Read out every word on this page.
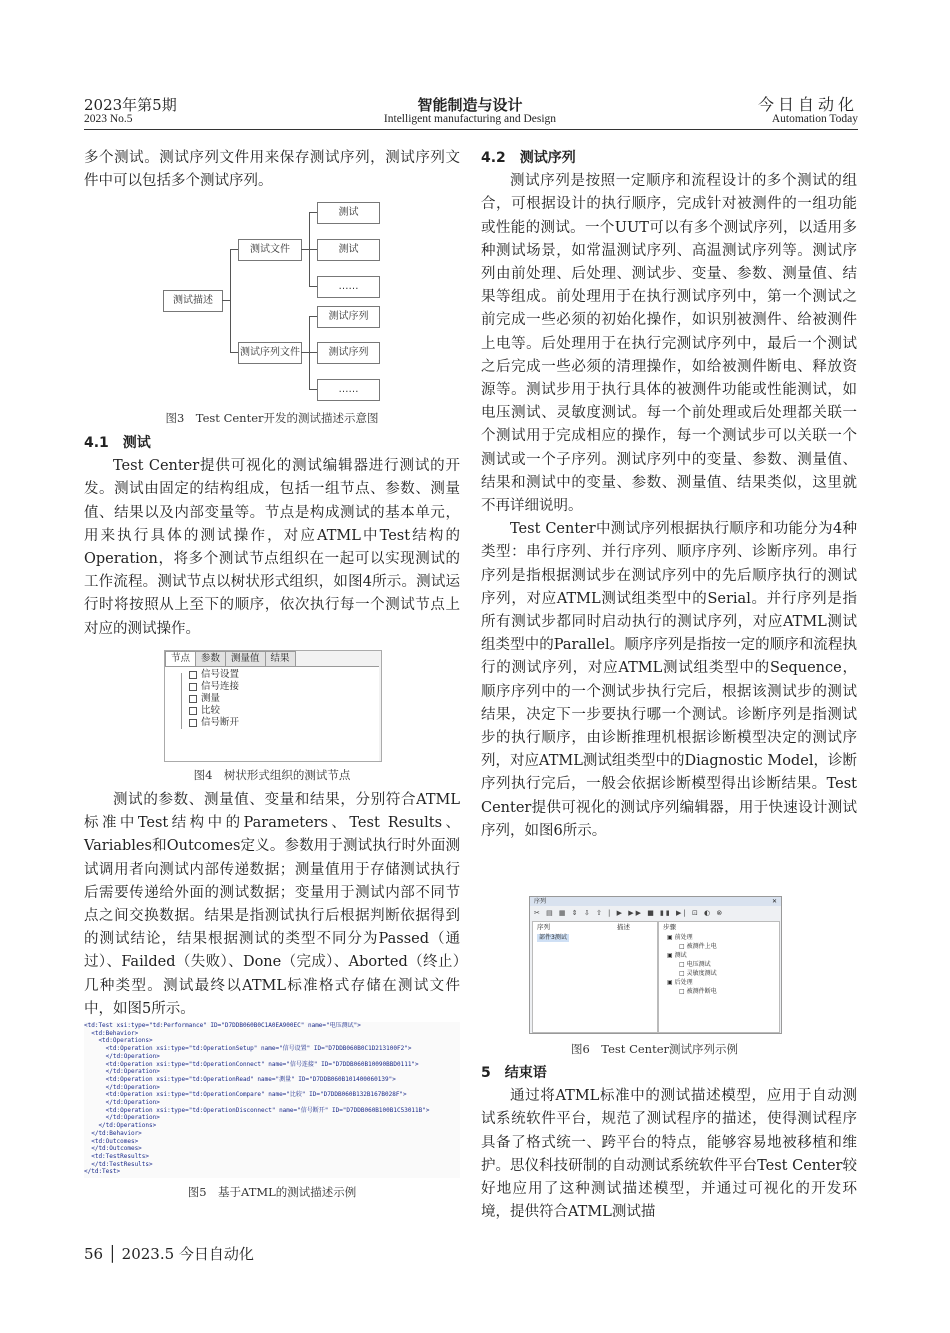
2023年第5期
2023 No.5
智能制造与设计
Intelligent manufacturing and Design
今日自动化
Automation Today

多个测试。测试序列文件用来保存测试序列，测试序列文件中可以包括多个测试序列。

测试描述
测试文件
测试序列文件
测试
测试
……
测试序列
测试序列
……
图3　Test Center开发的测试描述示意图

4.1　测试

Test Center提供可视化的测试编辑器进行测试的开发。测试由固定的结构组成，包括一组节点、参数、测量值、结果以及内部变量等。节点是构成测试的基本单元，用来执行具体的测试操作，对应ATML中Test结构的Operation，将多个测试节点组织在一起可以实现测试的工作流程。测试节点以树状形式组织，如图4所示。测试运行时将按照从上至下的顺序，依次执行每一个测试节点上对应的测试操作。

节点	参数	测量值	结果
信号设置
信号连接
测量
比较
信号断开
图4　树状形式组织的测试节点

测试的参数、测量值、变量和结果，分别符合ATML标准中Test结构中的Parameters、Test Results、Variables和Outcomes定义。参数用于测试执行时外面测试调用者向测试内部传递数据；测量值用于存储测试执行后需要传递给外面的测试数据；变量用于测试内部不同节点之间交换数据。结果是指测试执行后根据判断依据得到的测试结论，结果根据测试的类型不同分为Passed（通过）、Failded（失败）、Done（完成）、Aborted（终止）几种类型。测试最终以ATML标准格式存储在测试文件中，如图5所示。

<td:Test xsi:type="td:Performance" ID="D7DDB060B0C1A0EA900EC" name="电压测试">
<td:Behavior>
<td:Operations>
<td:Operation xsi:type="td:OperationSetup" name="信号设置" ID="D7DDB060B0C1D213100F2">
</td:Operation>
<td:Operation xsi:type="td:OperationConnect" name="信号连接" ID="D7DDB060B10090BBD0111">
</td:Operation>
<td:Operation xsi:type="td:OperationRead" name="测量" ID="D7DDB060B101400060139">
</td:Operation>
<td:Operation xsi:type="td:OperationCompare" name="比较" ID="D7DDB060B132B167B028F">
</td:Operation>
<td:Operation xsi:type="td:OperationDisconnect" name="信号断开" ID="D7DDB060B100B1C53011B">
</td:Operation>
</td:Operations>
</td:Behavior>
<td:Outcomes>
</td:Outcomes>
<td:TestResults>
</td:TestResults>
</td:Test>
图5　基于ATML的测试描述示例

4.2　测试序列

测试序列是按照一定顺序和流程设计的多个测试的组合，可根据设计的执行顺序，完成针对被测件的一组功能或性能的测试。一个UUT可以有多个测试序列，以适用多种测试场景，如常温测试序列、高温测试序列等。测试序列由前处理、后处理、测试步、变量、参数、测量值、结果等组成。前处理用于在执行测试序列中，第一个测试之前完成一些必须的初始化操作，如识别被测件、给被测件上电等。后处理用于在执行完测试序列中，最后一个测试之后完成一些必须的清理操作，如给被测件断电、释放资源等。测试步用于执行具体的被测件功能或性能测试，如电压测试、灵敏度测试。每一个前处理或后处理都关联一个测试用于完成相应的操作，每一个测试步可以关联一个测试或一个子序列。测试序列中的变量、参数、测量值、结果和测试中的变量、参数、测量值、结果类似，这里就不再详细说明。

Test Center中测试序列根据执行顺序和功能分为4种类型：串行序列、并行序列、顺序序列、诊断序列。串行序列是指根据测试步在测试序列中的先后顺序执行的测试序列，对应ATML测试组类型中的Serial。并行序列是指所有测试步都同时启动执行的测试序列，对应ATML测试组类型中的Parallel。顺序序列是指按一定的顺序和流程执行的测试序列，对应ATML测试组类型中的Sequence，顺序序列中的一个测试步执行完后，根据该测试步的测试结果，决定下一步要执行哪一个测试。诊断序列是指测试步的执行顺序，由诊断推理机根据诊断模型决定的测试序列，对应ATML测试组类型中的Diagnostic Model，诊断序列执行完后，一般会依据诊断模型得出诊断结果。Test Center提供可视化的测试序列编辑器，用于快速设计测试序列，如图6所示。

序列	✕
✂ ▤ ▦ ⇕ ⇩ ⇧ | ▶ ▶▶ ■ ▮▮ ▶| ⊡ ◐ ⊗
序列	描述
部件3测试
步骤
▣ 前处理
□ 被测件上电
▣ 测试
□ 电压测试
□ 灵敏度测试
▣ 后处理
□ 被测件断电
图6　Test Center测试序列示例

5　结束语

通过将ATML标准中的测试描述模型，应用于自动测试系统软件平台，规范了测试程序的描述，使得测试程序具备了格式统一、跨平台的特点，能够容易地被移植和维护。思仪科技研制的自动测试系统软件平台Test Center较好地应用了这种测试描述模型，并通过可视化的开发环境，提供符合ATML测试描

56 │ 2023.5 今日自动化
